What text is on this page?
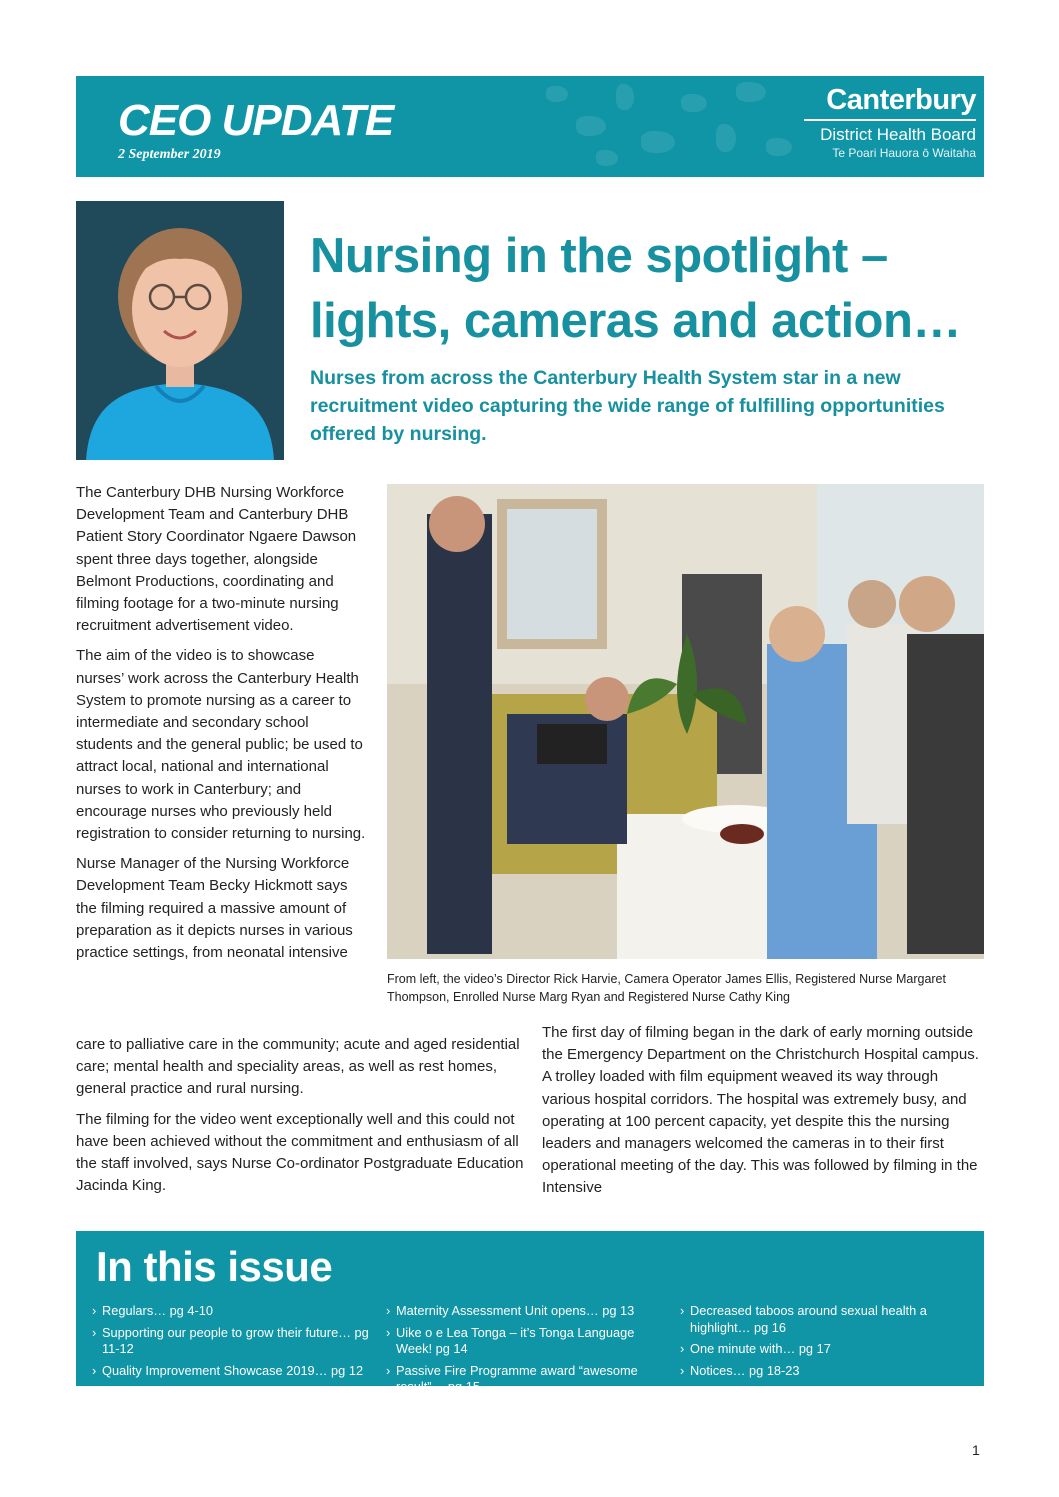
CEO UPDATE
2 September 2019
Canterbury
District Health Board
Te Poari Hauora ō Waitaha
Nursing in the spotlight –
lights, cameras and action…

Nurses from across the Canterbury Health System star in a new recruitment video capturing the wide range of fulfilling opportunities offered by nursing.

The Canterbury DHB Nursing Workforce Development Team and Canterbury DHB Patient Story Coordinator Ngaere Dawson spent three days together, alongside Belmont Productions, coordinating and filming footage for a two-minute nursing recruitment advertisement video.

The aim of the video is to showcase nurses’ work across the Canterbury Health System to promote nursing as a career to intermediate and secondary school students and the general public; be used to attract local, national and international nurses to work in Canterbury; and encourage nurses who previously held registration to consider returning to nursing.

Nurse Manager of the Nursing Workforce Development Team Becky Hickmott says the filming required a massive amount of preparation as it depicts nurses in various practice settings, from neonatal intensive

From left, the video’s Director Rick Harvie, Camera Operator James Ellis, Registered Nurse Margaret Thompson, Enrolled Nurse Marg Ryan and Registered Nurse Cathy King

care to palliative care in the community; acute and aged residential care; mental health and speciality areas, as well as rest homes, general practice and rural nursing.

The filming for the video went exceptionally well and this could not have been achieved without the commitment and enthusiasm of all the staff involved, says Nurse Co-ordinator Postgraduate Education Jacinda King.

The first day of filming began in the dark of early morning outside the Emergency Department on the Christchurch Hospital campus. A trolley loaded with film equipment weaved its way through various hospital corridors. The hospital was extremely busy, and operating at 100 percent capacity, yet despite this the nursing leaders and managers welcomed the cameras in to their first operational meeting of the day. This was followed by filming in the Intensive

In this issue
› Regulars… pg 4-10
› Supporting our people to grow their future… pg 11-12
› Quality Improvement Showcase 2019… pg 12
› Maternity Assessment Unit opens… pg 13
› Uike o e Lea Tonga – it’s Tonga Language Week! pg 14
› Passive Fire Programme award “awesome result”… pg 15
› Decreased taboos around sexual health a highlight… pg 16
› One minute with… pg 17
› Notices… pg 18-23
1
